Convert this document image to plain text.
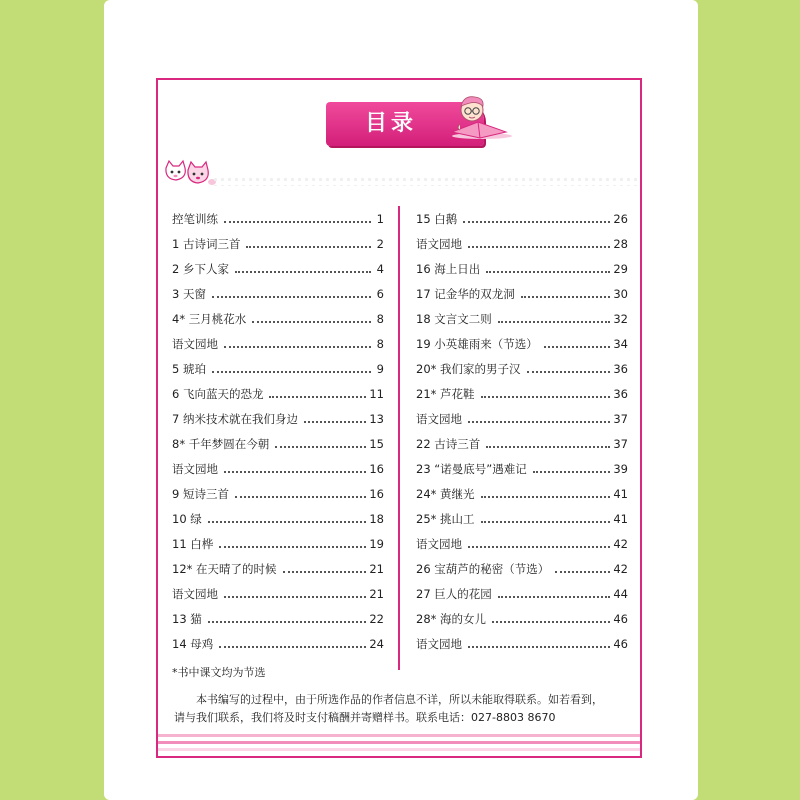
目录
控笔训练	1
1 古诗词三首	2
2 乡下人家	4
3 天窗	6
4* 三月桃花水	8
语文园地	8
5 琥珀	9
6 飞向蓝天的恐龙	11
7 纳米技术就在我们身边	13
8* 千年梦圆在今朝	15
语文园地	16
9 短诗三首	16
10 绿	18
11 白桦	19
12* 在天晴了的时候	21
语文园地	21
13 猫	22
14 母鸡	24
15 白鹅	26
语文园地	28
16 海上日出	29
17 记金华的双龙洞	30
18 文言文二则	32
19 小英雄雨来（节选）	34
20* 我们家的男子汉	36
21* 芦花鞋	36
语文园地	37
22 古诗三首	37
23 “诺曼底号”遇难记	39
24* 黄继光	41
25* 挑山工	41
语文园地	42
26 宝葫芦的秘密（节选）	42
27 巨人的花园	44
28* 海的女儿	46
语文园地	46
*书中课文均为节选

本书编写的过程中，由于所选作品的作者信息不详，所以未能取得联系。如若看到，

请与我们联系，我们将及时支付稿酬并寄赠样书。联系电话：027-8803 8670
